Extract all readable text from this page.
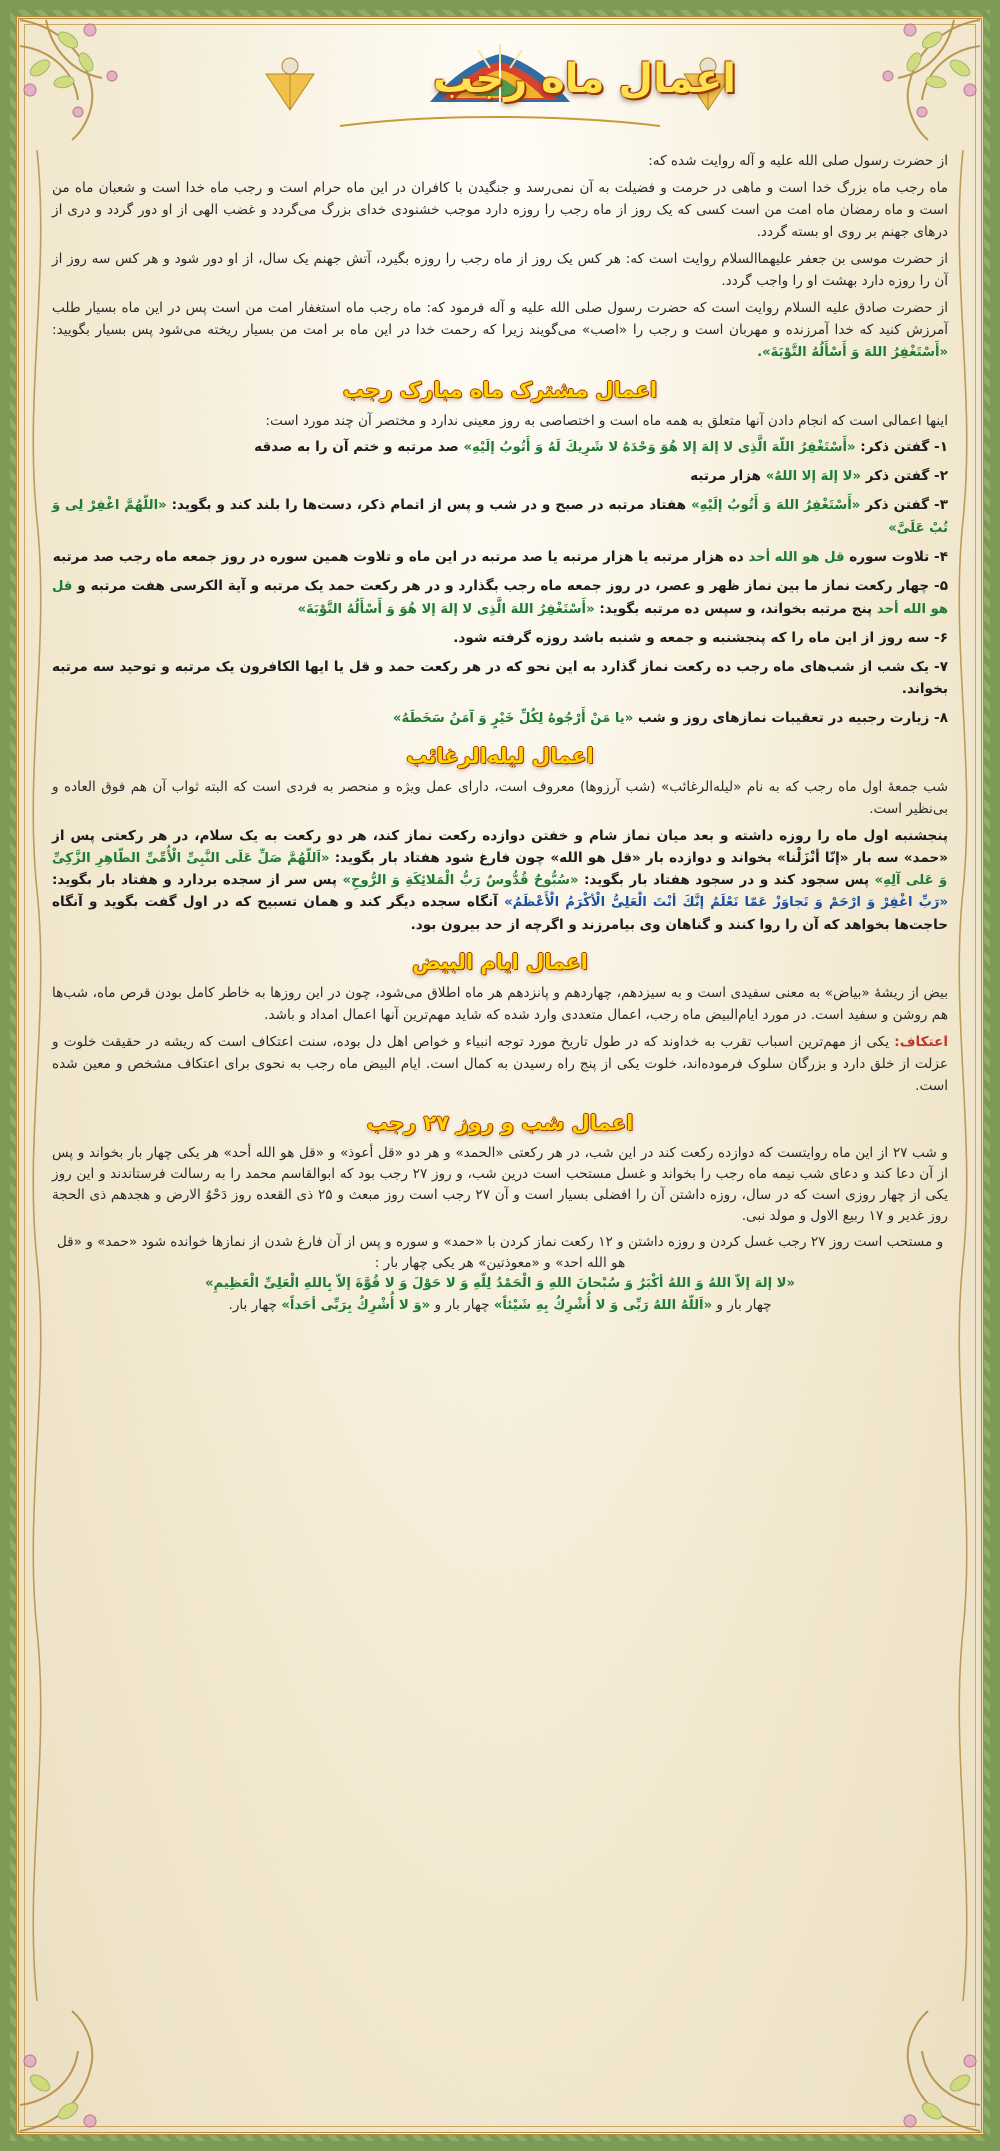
اعمال ماه رجب

از حضرت رسول صلی الله علیه و آله روایت شده که:

ماه رجب ماه بزرگ خدا است و ماهی در حرمت و فضیلت به آن نمی‌رسد و جنگیدن با کافران در این ماه حرام است و رجب ماه خدا است و شعبان ماه من است و ماه رمضان ماه امت من است کسی که یک روز از ماه رجب را روزه دارد موجب خشنودی خدای بزرگ می‌گردد و غضب الهی از او دور گردد و دری از درهای جهنم بر روی او بسته گردد.

از حضرت موسی بن جعفر علیهماالسلام روایت است که: هر کس یک روز از ماه رجب را روزه بگیرد، آتش جهنم یک سال، از او دور شود و هر کس سه روز از آن را روزه دارد بهشت او را واجب گردد.

از حضرت صادق علیه السلام روایت است که حضرت رسول صلی الله علیه و آله فرمود که: ماه رجب ماه استغفار امت من است پس در این ماه بسیار طلب آمرزش کنید که خدا آمرزنده و مهربان است و رجب را «اصب» می‌گویند زیرا که رحمت خدا در این ماه بر امت من بسیار ریخته می‌شود پس بسیار بگویید: «أَسْتَغْفِرُ اللهَ وَ أَسْأَلُهُ التَّوْبَةَ».

اعمال مشترک ماه مبارک رجب
اینها اعمالی است که انجام دادن آنها متعلق به همه ماه است و اختصاصی به روز معینی ندارد و مختصر آن چند مورد است:
۱- گفتن ذکر: «أَسْتَغْفِرُ اللّهَ الَّذِی لا إلهَ إلا هُوَ وَحْدَهُ لا شَرِیكَ لَهُ وَ أَتُوبُ إلَیْهِ» صد مرتبه و ختم آن را به صدقه
۲- گفتن ذکر «لا إلهَ إلا اللهُ» هزار مرتبه
۳- گفتن ذکر «أَسْتَغْفِرُ اللهَ وَ أَتُوبُ إلَیْهِ» هفتاد مرتبه در صبح و در شب و پس از اتمام ذکر، دست‌ها را بلند کند و بگوید: «اللّهُمَّ اغْفِرْ لِی وَ تُبْ عَلَیَّ»
۴- تلاوت سوره قل هو الله أحد ده هزار مرتبه یا هزار مرتبه یا صد مرتبه در این ماه و تلاوت همین سوره در روز جمعه ماه رجب صد مرتبه
۵- چهار رکعت نماز ما بین نماز ظهر و عصر، در روز جمعه ماه رجب بگذارد و در هر رکعت حمد یک مرتبه و آیة الکرسی هفت مرتبه و قل هو الله أحد پنج مرتبه بخواند، و سپس ده مرتبه بگوید: «أَسْتَغْفِرُ اللهَ الَّذِی لا إلهَ إلا هُوَ وَ أَسْأَلُهُ التَّوْبَةَ»
۶- سه روز از این ماه را که پنجشنبه و جمعه و شنبه باشد روزه گرفته شود.
۷- یک شب از شب‌های ماه رجب ده رکعت نماز گذارد به این نحو که در هر رکعت حمد و قل یا ایها الکافرون یک مرتبه و توحید سه مرتبه بخواند.
۸- زیارت رجبیه در تعقیبات نمازهای روز و شب «یا مَنْ أَرْجُوهُ لِكُلِّ خَیْرٍ وَ آمَنُ سَخَطَهُ»
اعمال لیله‌الرغائب

شب جمعهٔ اول ماه رجب که به نام «لیله‌الرغائب» (شب آرزوها) معروف است، دارای عمل ویژه و منحصر به فردی است که البته ثواب آن هم فوق العاده و بی‌نظیر است.

پنجشنبه اول ماه را روزه داشته و بعد میان نماز شام و خفتن دوازده رکعت نماز کند، هر دو رکعت به یک سلام، در هر رکعتی پس از «حمد» سه بار «إنّا أنْزَلْنا» بخواند و دوازده بار «قل هو الله» چون فارغ شود هفتاد بار بگوید: «اَللّهُمَّ صَلِّ عَلَی النَّبِیِّ الْأُمِّیِّ الطّاهِرِ الزَّكِیِّ وَ عَلی آلِهِ» پس سجود کند و در سجود هفتاد بار بگوید: «سُبُّوحٌ قُدُّوسٌ رَبُّ الْمَلائِكَةِ وَ الرُّوحِ» پس سر از سجده بردارد و هفتاد بار بگوید: «رَبِّ اغْفِرْ وَ ارْحَمْ وَ تَجاوَزْ عَمّا تَعْلَمُ إنَّكَ أنْتَ الْعَلِیُّ الْأكْرَمُ الْأَعْظَمُ» آنگاه سجده دیگر کند و همان تسبیح که در اول گفت بگوید و آنگاه حاجت‌ها بخواهد که آن را روا کنند و گناهان وی بیامرزند و اگرچه از حد بیرون بود.

اعمال ایام البیض

بیض از ریشهٔ «بیاض» به معنی سفیدی است و به سیزدهم، چهاردهم و پانزدهم هر ماه اطلاق می‌شود، چون در این روزها به خاطر کامل بودن قرص ماه، شب‌ها هم روشن و سفید است. در مورد ایام‌البیض ماه رجب، اعمال متعددی وارد شده که شاید مهم‌ترین آنها اعمال امداد و باشد.

اعتکاف: یکی از مهم‌ترین اسباب تقرب به خداوند که در طول تاریخ مورد توجه انبیاء و خواص اهل دل بوده، سنت اعتکاف است که ریشه در حقیقت خلوت و عزلت از خلق دارد و بزرگان سلوک فرموده‌اند، خلوت یکی از پنج راه رسیدن به کمال است. ایام البیض ماه رجب به نحوی برای اعتکاف مشخص و معین شده است.

اعمال شب و روز ۲۷ رجب

و شب ۲۷ از این ماه روایتست که دوازده رکعت کند در این شب، در هر رکعتی «الحمد» و هر دو «قل أعوذ» و «قل هو الله أحد» هر یکی چهار بار بخواند و پس از آن دعا کند و دعای شب نیمه ماه رجب را بخواند و غسل مستحب است درین شب، و روز ۲۷ رجب بود که ابوالقاسم محمد را به رسالت فرستاندند و این روز یکی از چهار روزی است که در سال، روزه داشتن آن را افضلی بسیار است و آن ۲۷ رجب است روز مبعث و ۲۵ ذی القعده روز دَحْوُ الارض و هجدهم ذی الحجة روز غدیر و ۱۷ ربیع الاول و مولد نبی.

و مستحب است روز ۲۷ رجب غسل کردن و روزه داشتن و ۱۲ رکعت نماز کردن با «حمد» و سوره و پس از آن فارغ شدن از نمازها خوانده شود «حمد» و «قل هو الله احد» و «معوذتین» هر یکی چهار بار :
«لا إلهَ إلاّ اللهُ وَ اللهُ أكْبَرُ وَ سُبْحانَ اللهِ وَ الْحَمْدُ لِلّهِ وَ لا حَوْلَ وَ لا قُوَّةَ إلاّ بِاللهِ الْعَلِیِّ الْعَظِیمِ»
چهار بار و «اَللّهُ اللهُ رَبِّی وَ لا أُشْرِكُ بِهِ شَیْئاً» چهار بار و «وَ لا أُشْرِكُ بِرَبِّی أحَداً» چهار بار.
